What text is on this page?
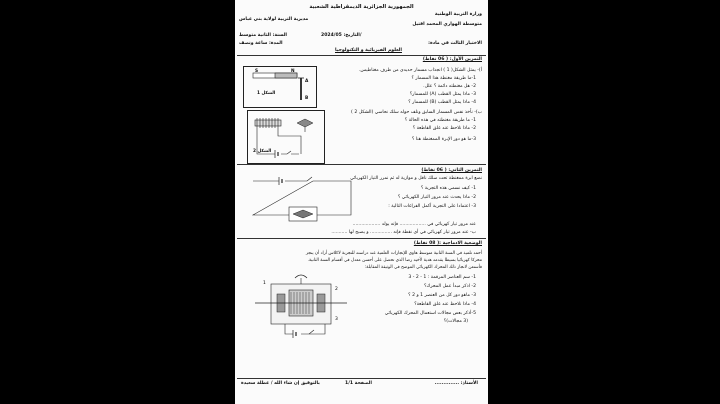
الجمهورية الجزائرية الديمقراطية الشعبية
وزارة التربية الوطنية
متوسطة الهواري المحمد افتيل
مديرية التربية لولاية بني عباس
التاريخ: 2024/05/
السنة: الثانية متوسط
الاختبار الثالث في مادة:
المدة: ساعة ونصف
العلوم الفيزيائية و التكنولوجيا
التمرين الأول: ( 06 نقاط)
أ)- يمثل الشكل( 1 ) انجذاب مسمار حديدي من طرف مغناطيس.
1-ما طريقة مغنطة هذا المسمار ؟
2- هل مغنطته دائمة ؟ علل.
3- ماذا يمثل القطب (A) للمسمار؟
4- ماذا يمثل القطب (B) للمسمار ؟
S	N
A
B
الشكل 1
ب)- نأخذ نفس المسمار السابق ونلف حوله سلك نحاسي (الشكل 2 )
1- ما طريقة مغنطته في هذه الحالة ؟
2- ماذا نلاحظ عند غلق القاطعة ؟
3-ما هو دور الإبرة الممغنطة هنا ؟
الشكل 2
التمرين الثاني: ( 06 نقاط)
نضع ابرة ممغنطة تحت سلك ناقل و موازية له ثم نمرر التيار الكهربائي
1- كيف نسمي هذه التجربة ؟
2- ماذا يحدث عند مرور التيار الكهربائي ؟
3- اعتمادا على التجربة أكمل الفراغات التالية :
عند مرور تيار كهربائي في .................. فإنه يولد ...................
ب- عند مرور تيار كهربائي في أي نقطة فإنه ............... و يصبح لها ...........
الوضعية الادماجية :( 08 نقاط)
أحمد تلميذ في السنة الثانية متوسط هاوي للإنجازات العلمية عند دراسته للتجربة لاكلاس أراد أن ينجز
محركا كهربائيا بسيطا يقدمه هدية لأخيه رضا الذي تحصل على أحسن معدل في أقسام السنة الثانية.
فأستعن لانجاز ذلك المحرك الكهربائي الموضح في الوثيقة المقابلة:
1- سم العناصر المرقمة : 1 - 2 - 3
2- اذكر مبدأ عمل المحرك؟
3- ماهو دور كل من العنصر 1 و 2 ؟
4- ماذا نلاحظ عند غلق القاطعة؟
5-أذكر بعض مجالات استعمال المحرك الكهربائي
(3 مجالات)؟
1
2
3
الأستاذ: ..............
الصفحة 1/1
بالتوفيق إن شاء الله / عطلة سعيدة
